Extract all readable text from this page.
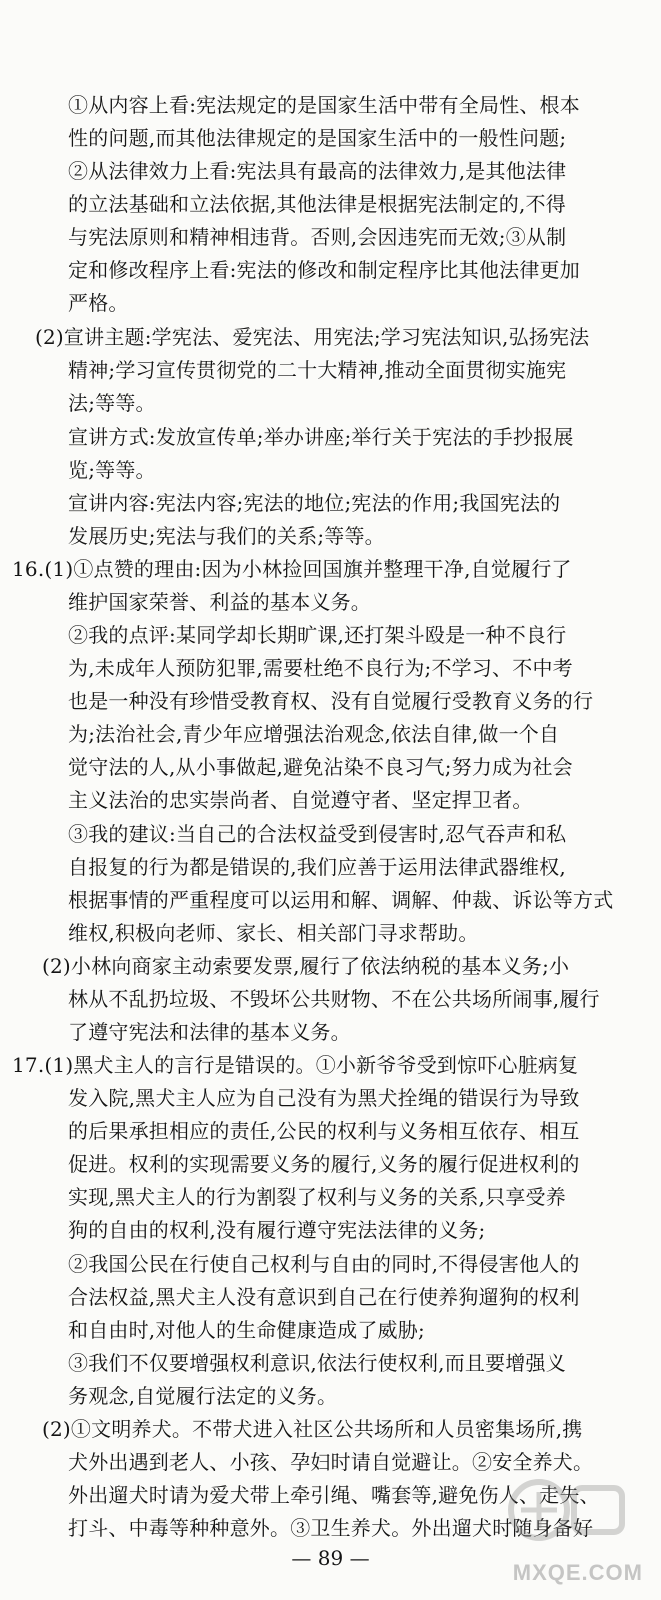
①从内容上看:宪法规定的是国家生活中带有全局性、根本
性的问题,而其他法律规定的是国家生活中的一般性问题;
②从法律效力上看:宪法具有最高的法律效力,是其他法律
的立法基础和立法依据,其他法律是根据宪法制定的,不得
与宪法原则和精神相违背。否则,会因违宪而无效;③从制
定和修改程序上看:宪法的修改和制定程序比其他法律更加
严格。
(2)宣讲主题:学宪法、爱宪法、用宪法;学习宪法知识,弘扬宪法
精神;学习宣传贯彻党的二十大精神,推动全面贯彻实施宪
法;等等。
宣讲方式:发放宣传单;举办讲座;举行关于宪法的手抄报展
览;等等。
宣讲内容:宪法内容;宪法的地位;宪法的作用;我国宪法的
发展历史;宪法与我们的关系;等等。
16.(1)①点赞的理由:因为小林捡回国旗并整理干净,自觉履行了
维护国家荣誉、利益的基本义务。
②我的点评:某同学却长期旷课,还打架斗殴是一种不良行
为,未成年人预防犯罪,需要杜绝不良行为;不学习、不中考
也是一种没有珍惜受教育权、没有自觉履行受教育义务的行
为;法治社会,青少年应增强法治观念,依法自律,做一个自
觉守法的人,从小事做起,避免沾染不良习气;努力成为社会
主义法治的忠实崇尚者、自觉遵守者、坚定捍卫者。
③我的建议:当自己的合法权益受到侵害时,忍气吞声和私
自报复的行为都是错误的,我们应善于运用法律武器维权,
根据事情的严重程度可以运用和解、调解、仲裁、诉讼等方式
维权,积极向老师、家长、相关部门寻求帮助。
(2)小林向商家主动索要发票,履行了依法纳税的基本义务;小
林从不乱扔垃圾、不毁坏公共财物、不在公共场所闹事,履行
了遵守宪法和法律的基本义务。
17.(1)黑犬主人的言行是错误的。①小新爷爷受到惊吓心脏病复
发入院,黑犬主人应为自己没有为黑犬拴绳的错误行为导致
的后果承担相应的责任,公民的权利与义务相互依存、相互
促进。权利的实现需要义务的履行,义务的履行促进权利的
实现,黑犬主人的行为割裂了权利与义务的关系,只享受养
狗的自由的权利,没有履行遵守宪法法律的义务;
②我国公民在行使自己权利与自由的同时,不得侵害他人的
合法权益,黑犬主人没有意识到自己在行使养狗遛狗的权利
和自由时,对他人的生命健康造成了威胁;
③我们不仅要增强权利意识,依法行使权利,而且要增强义
务观念,自觉履行法定的义务。
(2)①文明养犬。不带犬进入社区公共场所和人员密集场所,携
犬外出遇到老人、小孩、孕妇时请自觉避让。②安全养犬。
外出遛犬时请为爱犬带上牵引绳、嘴套等,避免伤人、走失、
打斗、中毒等种种意外。③卫生养犬。外出遛犬时随身备好
— 89 —
MXQE.COM
